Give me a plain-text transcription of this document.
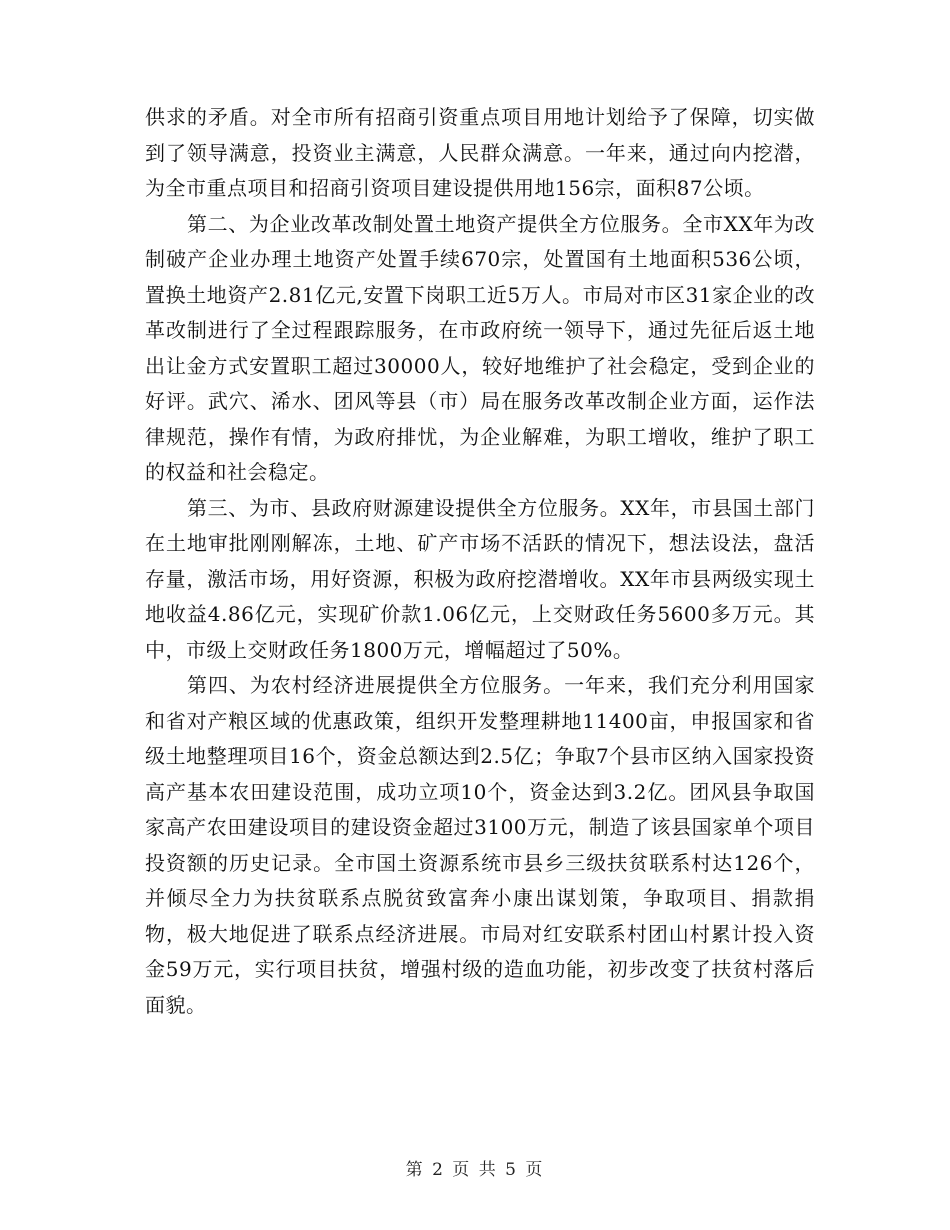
供求的矛盾。对全市所有招商引资重点项目用地计划给予了保障，切实做到了领导满意，投资业主满意，人民群众满意。一年来，通过向内挖潜，为全市重点项目和招商引资项目建设提供用地156宗，面积87公顷。

第二、为企业改革改制处置土地资产提供全方位服务。全市XX年为改制破产企业办理土地资产处置手续670宗，处置国有土地面积536公顷，置换土地资产2.81亿元,安置下岗职工近5万人。市局对市区31家企业的改革改制进行了全过程跟踪服务，在市政府统一领导下，通过先征后返土地出让金方式安置职工超过30000人，较好地维护了社会稳定，受到企业的好评。武穴、浠水、团风等县（市）局在服务改革改制企业方面，运作法律规范，操作有情，为政府排忧，为企业解难，为职工增收，维护了职工的权益和社会稳定。

第三、为市、县政府财源建设提供全方位服务。XX年，市县国土部门在土地审批刚刚解冻，土地、矿产市场不活跃的情况下，想法设法，盘活存量，激活市场，用好资源，积极为政府挖潜增收。XX年市县两级实现土地收益4.86亿元，实现矿价款1.06亿元，上交财政任务5600多万元。其中，市级上交财政任务1800万元，增幅超过了50%。

第四、为农村经济进展提供全方位服务。一年来，我们充分利用国家和省对产粮区域的优惠政策，组织开发整理耕地11400亩，申报国家和省级土地整理项目16个，资金总额达到2.5亿；争取7个县市区纳入国家投资高产基本农田建设范围，成功立项10个，资金达到3.2亿。团风县争取国家高产农田建设项目的建设资金超过3100万元，制造了该县国家单个项目投资额的历史记录。全市国土资源系统市县乡三级扶贫联系村达126个，并倾尽全力为扶贫联系点脱贫致富奔小康出谋划策，争取项目、捐款捐物，极大地促进了联系点经济进展。市局对红安联系村团山村累计投入资金59万元，实行项目扶贫，增强村级的造血功能，初步改变了扶贫村落后面貌。

第 2 页 共 5 页
